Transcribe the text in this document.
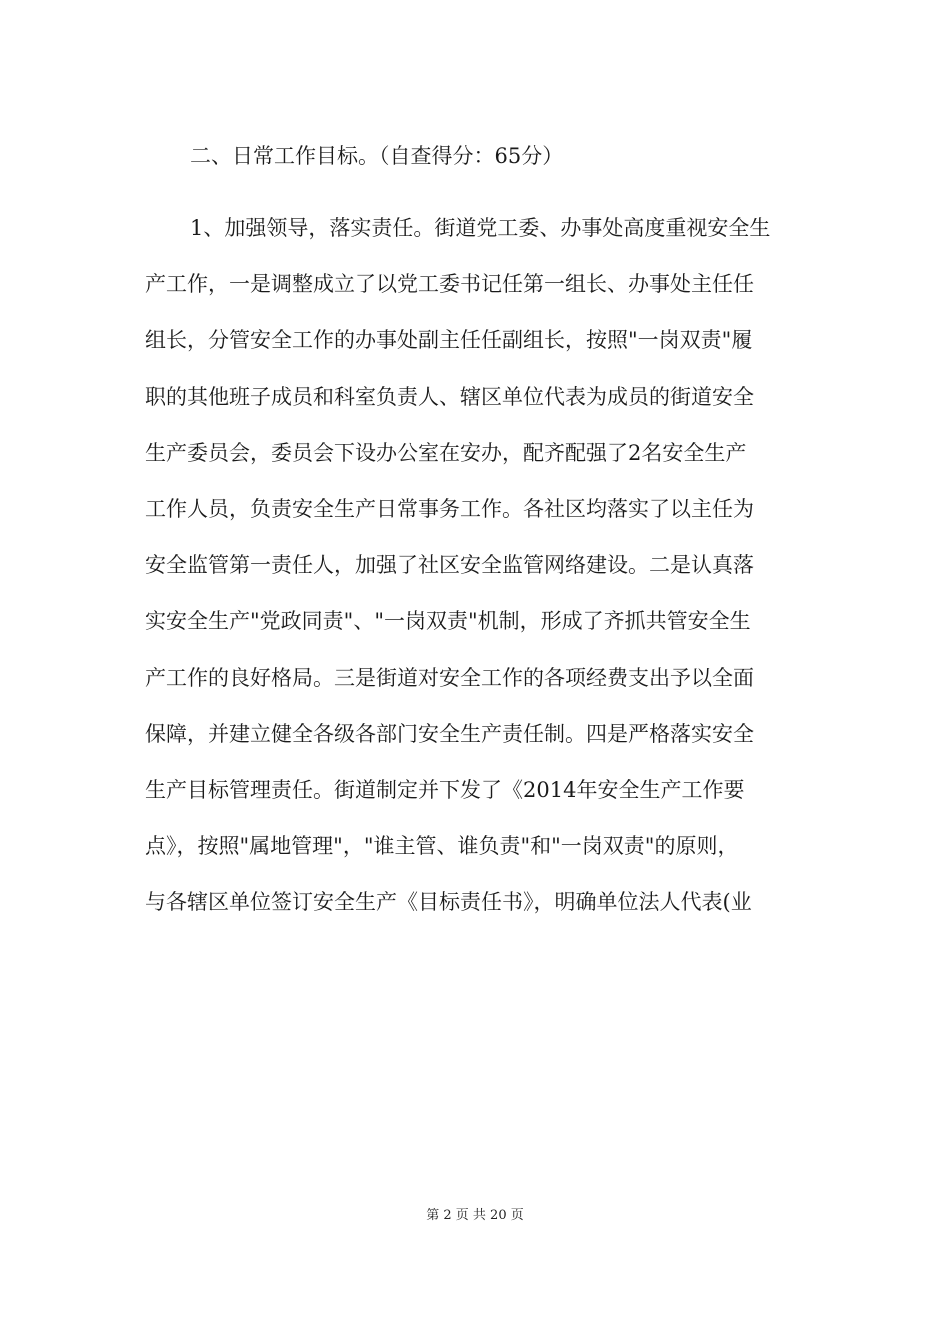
二、日常工作目标。（自查得分：65分）
1、加强领导，落实责任。街道党工委、办事处高度重视安全生
产工作，一是调整成立了以党工委书记任第一组长、办事处主任任
组长，分管安全工作的办事处副主任任副组长，按照"一岗双责"履
职的其他班子成员和科室负责人、辖区单位代表为成员的街道安全
生产委员会，委员会下设办公室在安办，配齐配强了2名安全生产
工作人员，负责安全生产日常事务工作。各社区均落实了以主任为
安全监管第一责任人，加强了社区安全监管网络建设。二是认真落
实安全生产"党政同责"、"一岗双责"机制，形成了齐抓共管安全生
产工作的良好格局。三是街道对安全工作的各项经费支出予以全面
保障，并建立健全各级各部门安全生产责任制。四是严格落实安全
生产目标管理责任。街道制定并下发了《2014年安全生产工作要
点》，按照"属地管理"，"谁主管、谁负责"和"一岗双责"的原则，
与各辖区单位签订安全生产《目标责任书》，明确单位法人代表(业
第 2 页 共 20 页
